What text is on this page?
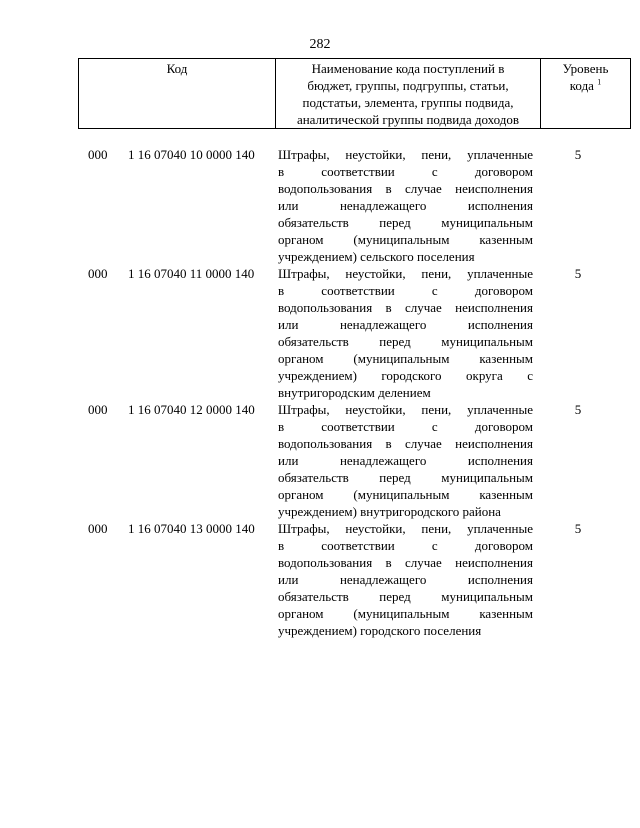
282
Код	Наименование кода поступлений в
бюджет, группы, подгруппы, статьи,
подстатьи, элемента, группы подвида,
аналитической группы подвида доходов	Уровень
кода $^1$
000 1 16 07040 10 0000 140 Штрафы, неустойки, пени, уплаченные
в соответствии с договором
водопользования в случае неисполнения
или ненадлежащего исполнения
обязательств перед муниципальным
органом (муниципальным казенным
учреждением) сельского поселения
5
000 1 16 07040 11 0000 140 Штрафы, неустойки, пени, уплаченные
в соответствии с договором
водопользования в случае неисполнения
или ненадлежащего исполнения
обязательств перед муниципальным
органом (муниципальным казенным
учреждением) городского округа с
внутригородским делением
5
000 1 16 07040 12 0000 140 Штрафы, неустойки, пени, уплаченные
в соответствии с договором
водопользования в случае неисполнения
или ненадлежащего исполнения
обязательств перед муниципальным
органом (муниципальным казенным
учреждением) внутригородского района
5
000 1 16 07040 13 0000 140 Штрафы, неустойки, пени, уплаченные
в соответствии с договором
водопользования в случае неисполнения
или ненадлежащего исполнения
обязательств перед муниципальным
органом (муниципальным казенным
учреждением) городского поселения
5
